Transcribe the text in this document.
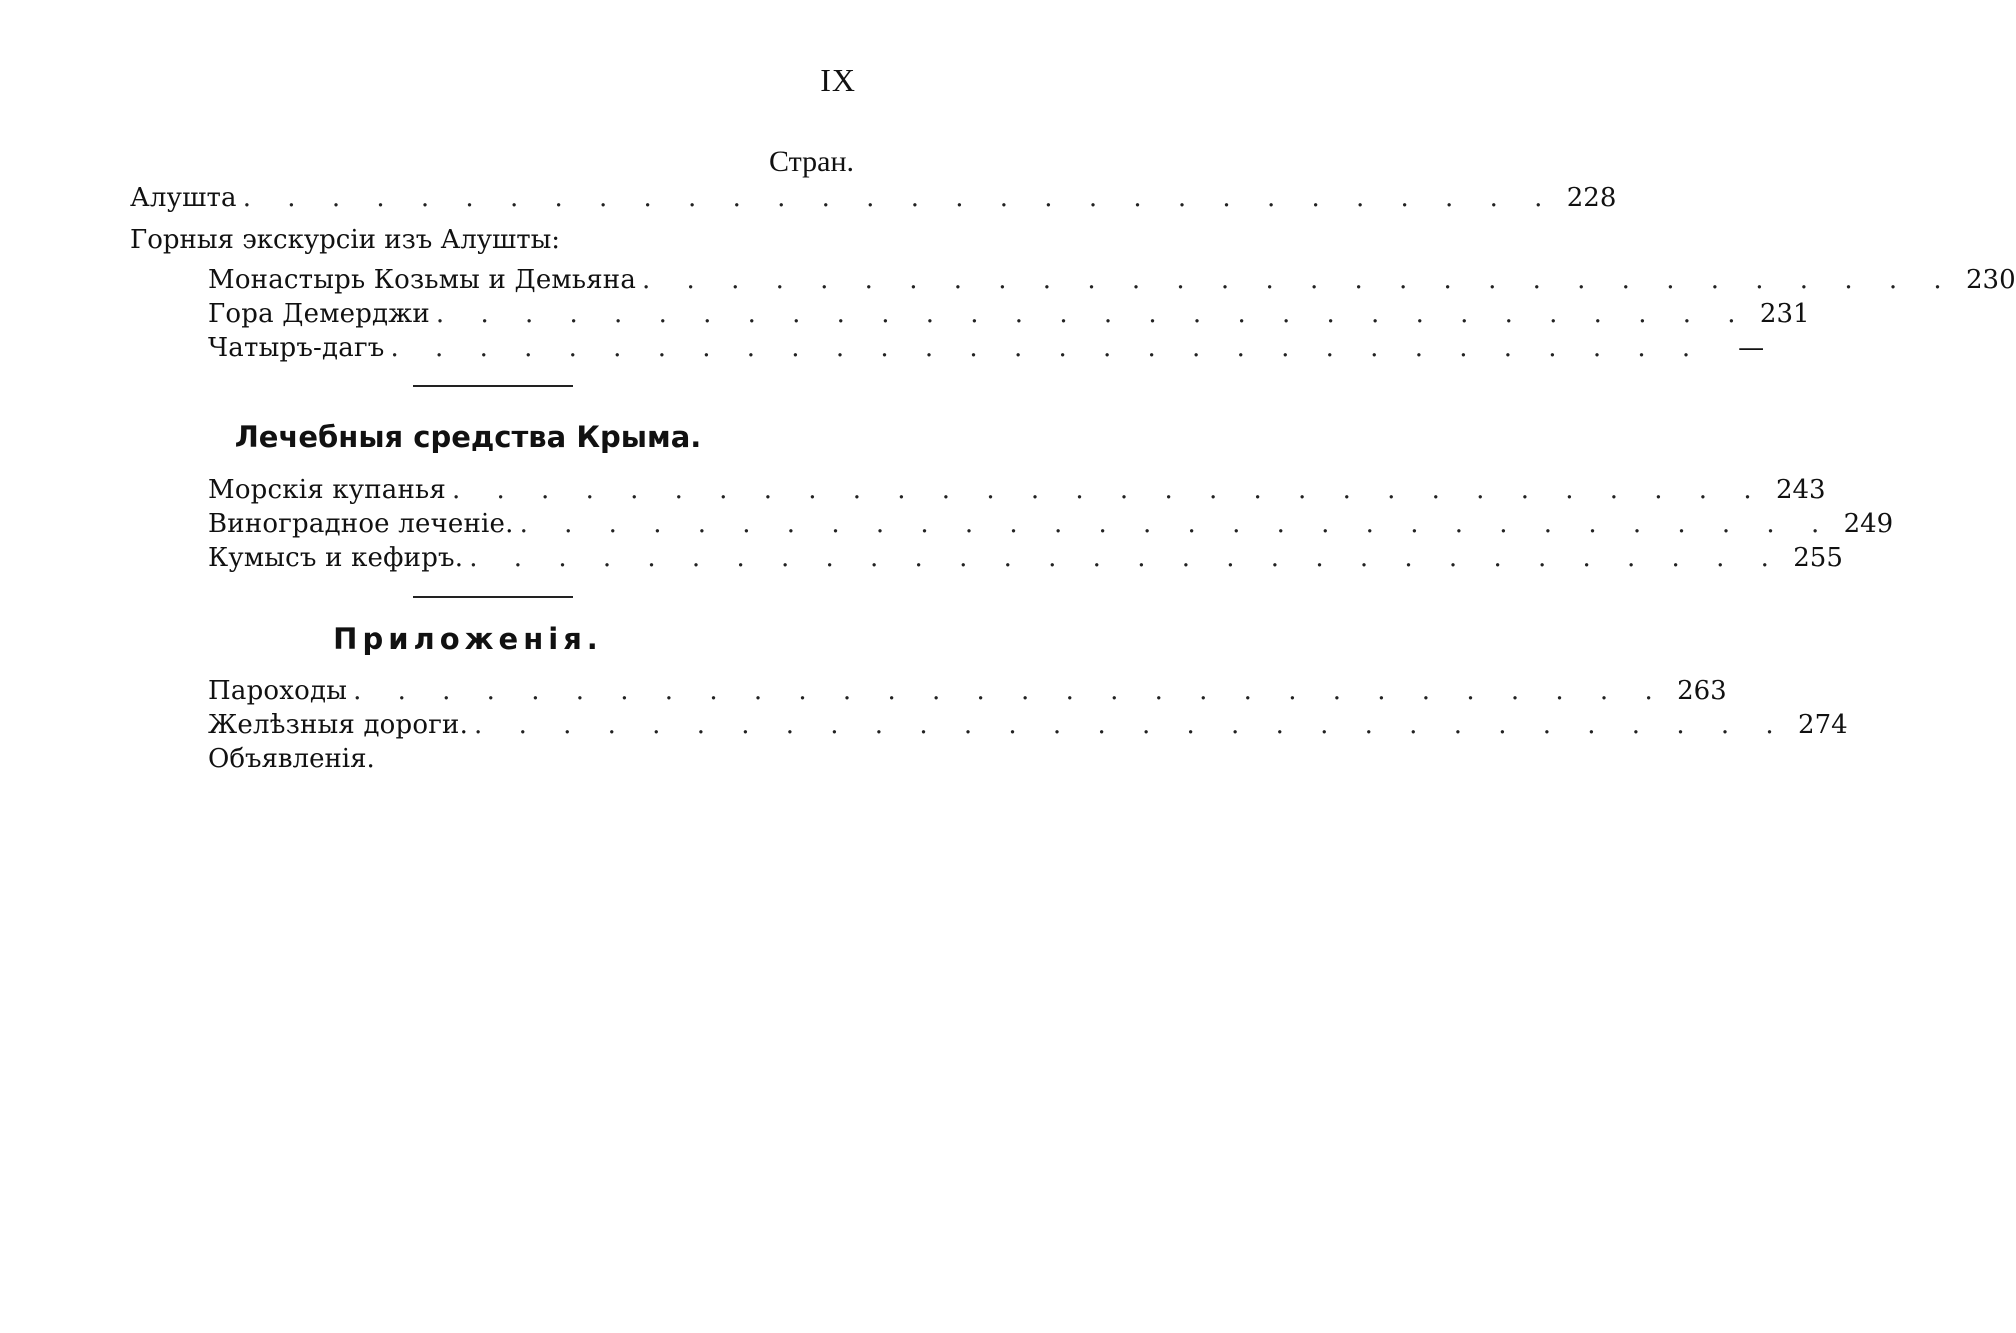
IX
Стран.
Алушта . . . . . . . . . . . . . . . . . . . . . . . . . . . . . . 228
Горныя экскурсіи изъ Алушты:
Монастырь Козьмы и Демьяна . . . . . . . . . . . . . . . . . . . . . . . . . . . . . . 230
Гора Демерджи . . . . . . . . . . . . . . . . . . . . . . . . . . . . . . 231
Чатыръ-дагъ . . . . . . . . . . . . . . . . . . . . . . . . . . . . . .	—
Лечебныя средства Крыма.
Морскія купанья . . . . . . . . . . . . . . . . . . . . . . . . . . . . . . 243
Виноградное леченіе. . . . . . . . . . . . . . . . . . . . . . . . . . . . . . . 249
Кумысъ и кефиръ. . . . . . . . . . . . . . . . . . . . . . . . . . . . . . . 255
Приложенія.
Пароходы . . . . . . . . . . . . . . . . . . . . . . . . . . . . . . 263
Желѣзныя дороги. . . . . . . . . . . . . . . . . . . . . . . . . . . . . . . 274
Объявленія.
